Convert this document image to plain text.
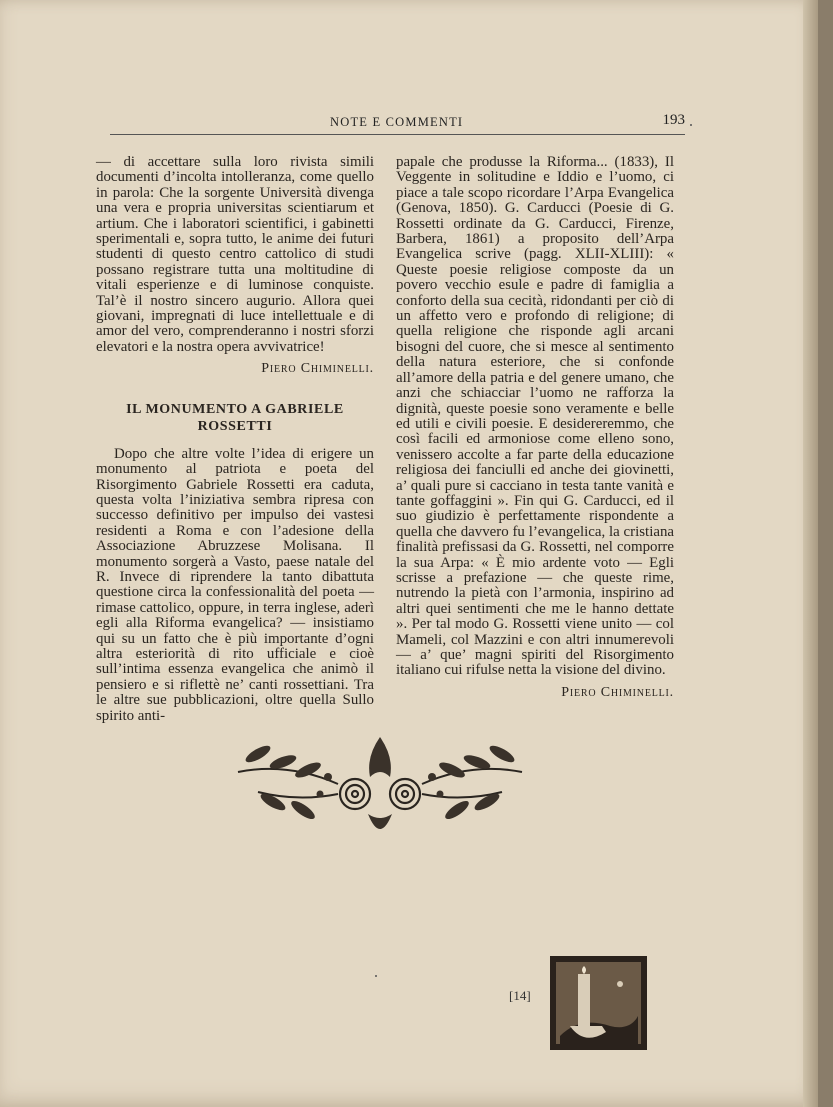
NOTE E COMMENTI	193

— di accettare sulla loro rivista simili documenti d’incolta intolleranza, come quello in parola: Che la sorgente Università divenga una vera e propria universitas scientiarum et artium. Che i laboratori scientifici, i gabinetti sperimentali e, sopra tutto, le anime dei futuri studenti di questo centro cattolico di studi possano registrare tutta una moltitudine di vitali esperienze e di luminose conquiste. Tal’è il nostro sincero augurio. Allora quei giovani, impregnati di luce intellettuale e di amor del vero, comprenderanno i nostri sforzi elevatori e la nostra opera avvivatrice!

Piero Chiminelli.
IL MONUMENTO A GABRIELE ROSSETTI

Dopo che altre volte l’idea di erigere un monumento al patriota e poeta del Risorgimento Gabriele Rossetti era caduta, questa volta l’iniziativa sembra ripresa con successo definitivo per impulso dei vastesi residenti a Roma e con l’adesione della Associazione Abruzzese Molisana. Il monumento sorgerà a Vasto, paese natale del R. Invece di riprendere la tanto dibattuta questione circa la confessionalità del poeta — rimase cattolico, oppure, in terra inglese, aderì egli alla Riforma evangelica? — insistiamo qui su un fatto che è più importante d’ogni altra esteriorità di rito ufficiale e cioè sull’intima essenza evangelica che animò il pensiero e si riflettè ne’ canti rossettiani. Tra le altre sue pubblicazioni, oltre quella Sullo spirito anti-

papale che produsse la Riforma... (1833), Il Veggente in solitudine e Iddio e l’uomo, ci piace a tale scopo ricordare l’Arpa Evangelica (Genova, 1850). G. Carducci (Poesie di G. Rossetti ordinate da G. Carducci, Firenze, Barbera, 1861) a proposito dell’Arpa Evangelica scrive (pagg. XLII-XLIII): « Queste poesie religiose composte da un povero vecchio esule e padre di famiglia a conforto della sua cecità, ridondanti per ciò di un affetto vero e profondo di religione; di quella religione che risponde agli arcani bisogni del cuore, che si mesce al sentimento della natura esteriore, che si confonde all’amore della patria e del genere umano, che anzi che schiacciar l’uomo ne rafforza la dignità, queste poesie sono veramente e belle ed utili e civili poesie. E desidereremmo, che così facili ed armoniose come elleno sono, venissero accolte a far parte della educazione religiosa dei fanciulli ed anche dei giovinetti, a’ quali pure si cacciano in testa tante vanità e tante goffaggini ». Fin qui G. Carducci, ed il suo giudizio è perfettamente rispondente a quella che davvero fu l’evangelica, la cristiana finalità prefissasi da G. Rossetti, nel comporre la sua Arpa: « È mio ardente voto — Egli scrisse a prefazione — che queste rime, nutrendo la pietà con l’armonia, inspirino ad altri quei sentimenti che me le hanno dettate ». Per tal modo G. Rossetti viene unito — col Mameli, col Mazzini e con altri innumerevoli — a’ que’ magni spiriti del Risorgimento italiano cui rifulse netta la visione del divino.

Piero Chiminelli.
[14]
